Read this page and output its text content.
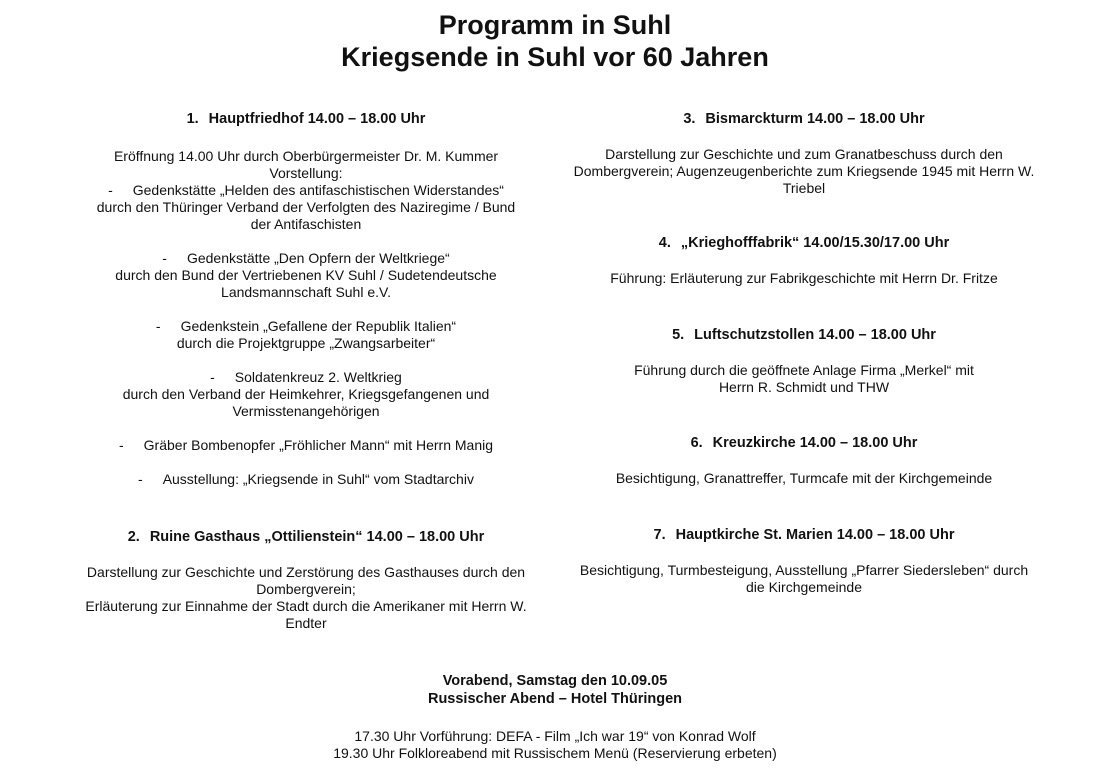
Programm in Suhl
Kriegsende in Suhl vor 60 Jahren
1. Hauptfriedhof 14.00 – 18.00 Uhr
Eröffnung 14.00 Uhr durch Oberbürgermeister Dr. M. Kummer
Vorstellung:
- Gedenkstätte „Helden des antifaschistischen Widerstandes“
durch den Thüringer Verband der Verfolgten des Naziregime / Bund
der Antifaschisten
- Gedenkstätte „Den Opfern der Weltkriege“
durch den Bund der Vertriebenen KV Suhl / Sudetendeutsche
Landsmannschaft Suhl e.V.
- Gedenkstein „Gefallene der Republik Italien“
durch die Projektgruppe „Zwangsarbeiter“
- Soldatenkreuz 2. Weltkrieg
durch den Verband der Heimkehrer, Kriegsgefangenen und
Vermisstenangehörigen
- Gräber Bombenopfer „Fröhlicher Mann“ mit Herrn Manig
- Ausstellung: „Kriegsende in Suhl“ vom Stadtarchiv
2. Ruine Gasthaus „Ottilienstein“ 14.00 – 18.00 Uhr
Darstellung zur Geschichte und Zerstörung des Gasthauses durch den
Dombergverein;
Erläuterung zur Einnahme der Stadt durch die Amerikaner mit Herrn W.
Endter
3. Bismarckturm 14.00 – 18.00 Uhr
Darstellung zur Geschichte und zum Granatbeschuss durch den
Dombergverein; Augenzeugenberichte zum Kriegsende 1945 mit Herrn W.
Triebel
4. „Krieghofffabrik“ 14.00/15.30/17.00 Uhr
Führung: Erläuterung zur Fabrikgeschichte mit Herrn Dr. Fritze
5. Luftschutzstollen 14.00 – 18.00 Uhr
Führung durch die geöffnete Anlage Firma „Merkel“ mit
Herrn R. Schmidt und THW
6. Kreuzkirche 14.00 – 18.00 Uhr
Besichtigung, Granattreffer, Turmcafe mit der Kirchgemeinde
7. Hauptkirche St. Marien 14.00 – 18.00 Uhr
Besichtigung, Turmbesteigung, Ausstellung „Pfarrer Siedersleben“ durch
die Kirchgemeinde
Vorabend, Samstag den 10.09.05
Russischer Abend – Hotel Thüringen
17.30 Uhr Vorführung: DEFA - Film „Ich war 19“ von Konrad Wolf
19.30 Uhr Folkloreabend mit Russischem Menü (Reservierung erbeten)
